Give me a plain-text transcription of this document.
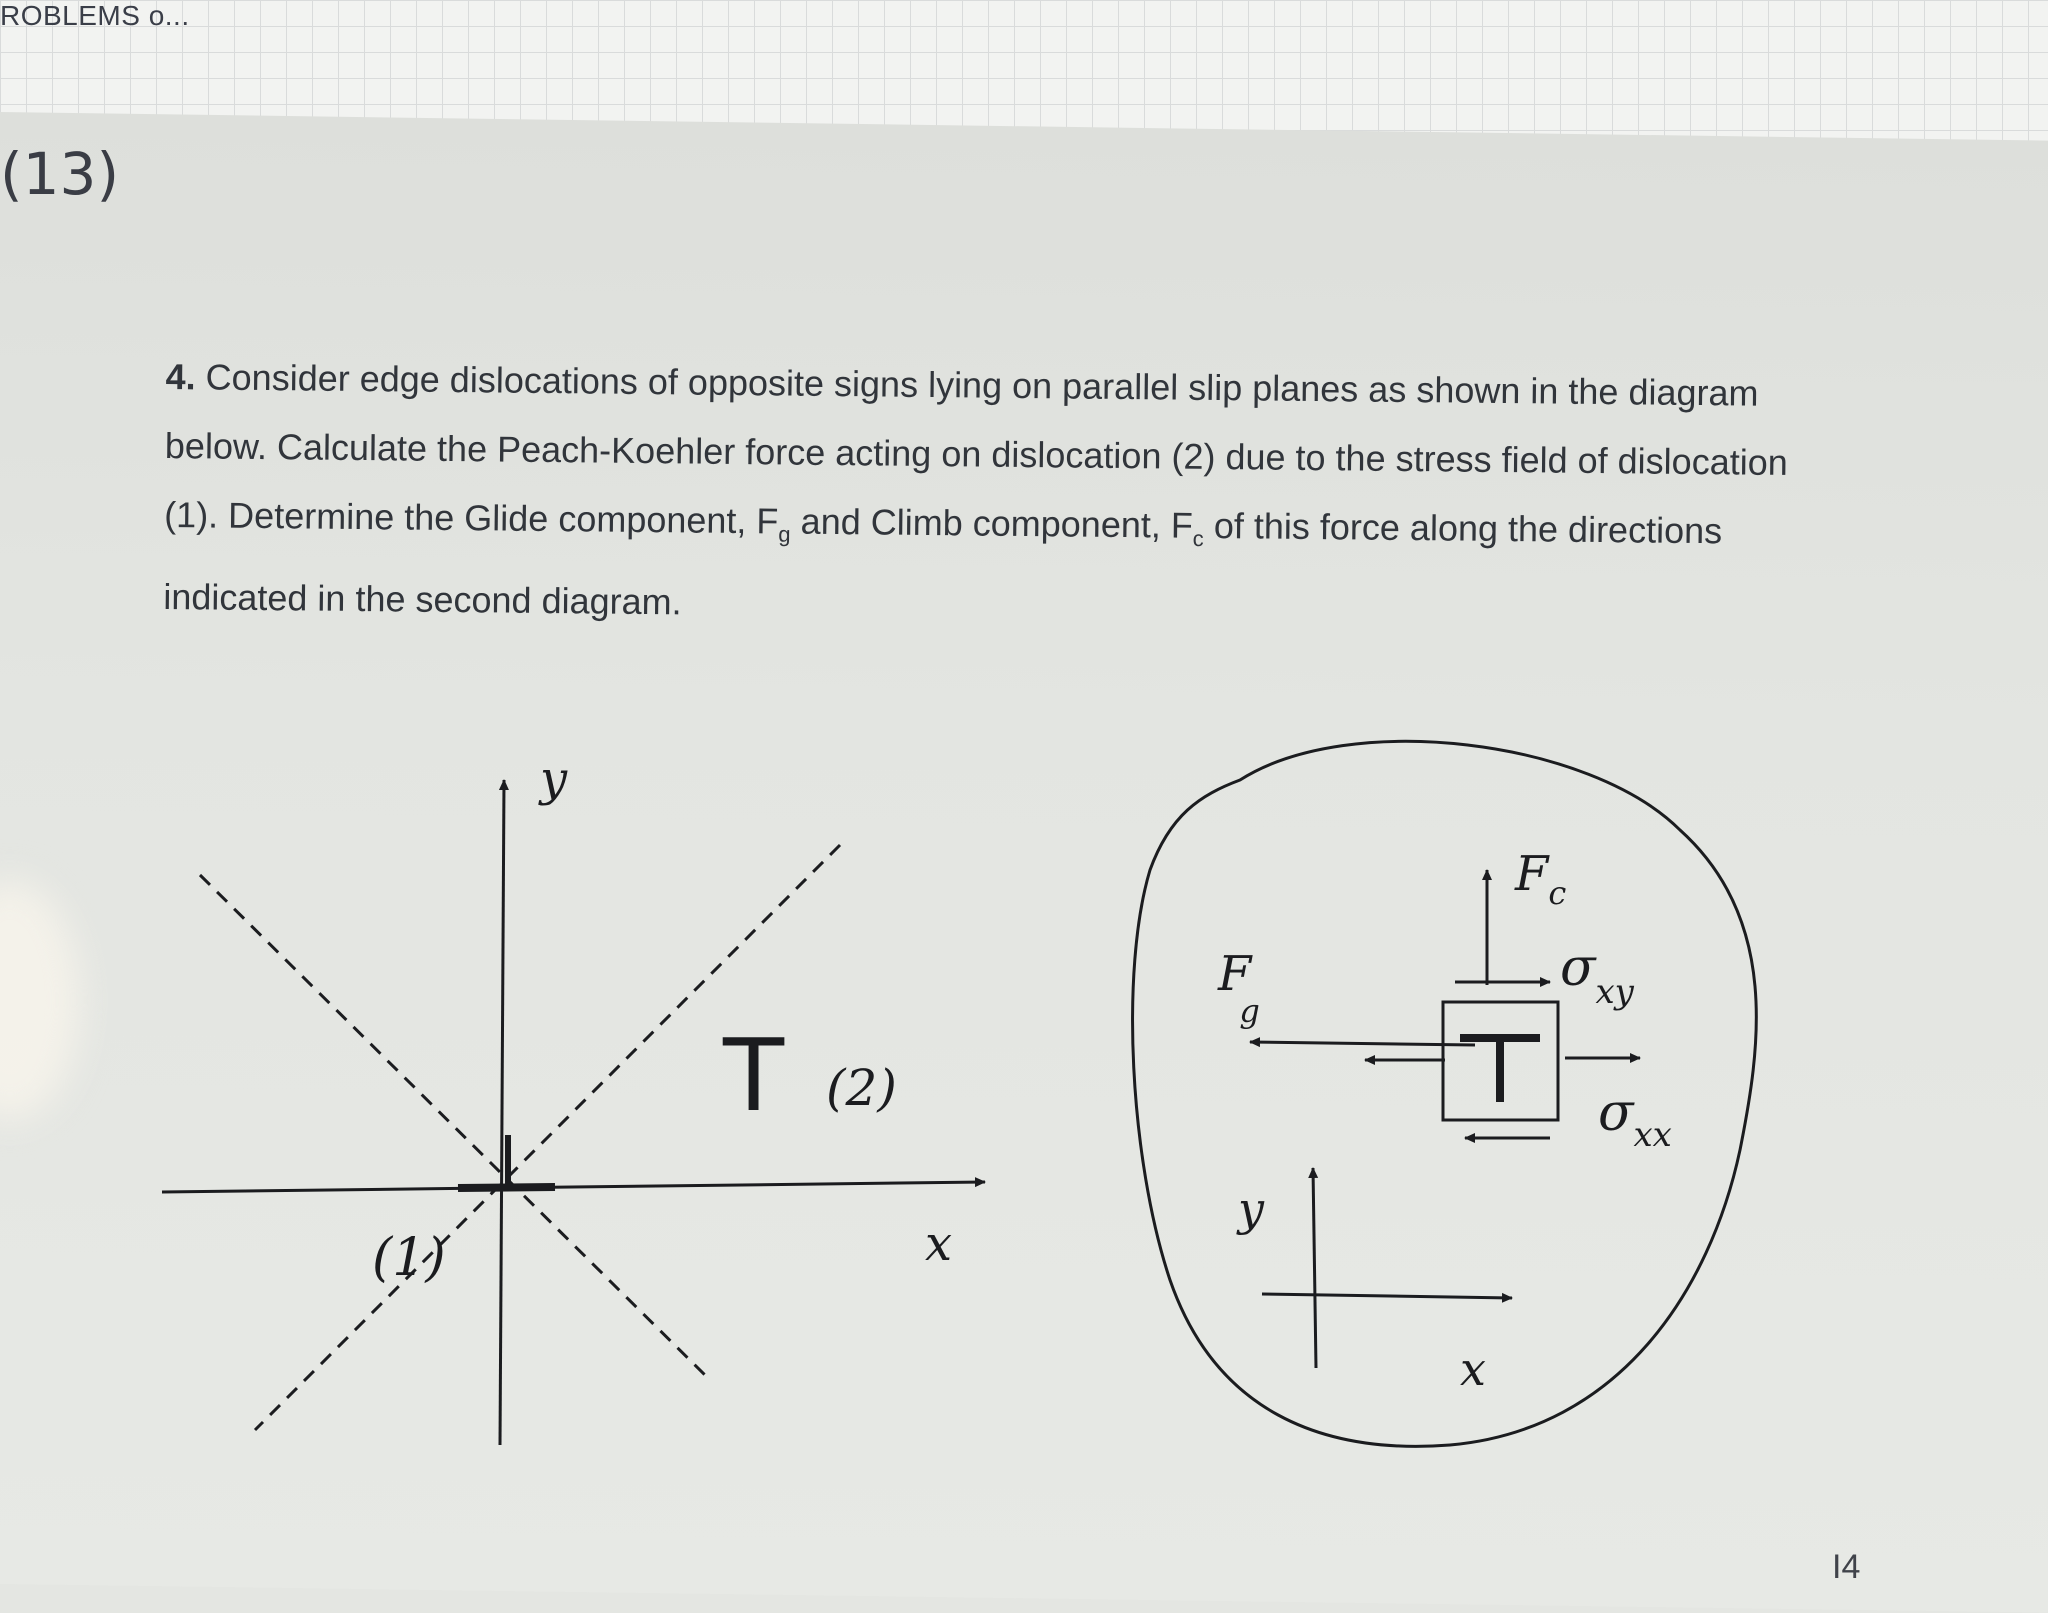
ROBLEMS o...
(13)
4. Consider edge dislocations of opposite signs lying on parallel slip planes as shown in the diagram below. Calculate the Peach-Koehler force acting on dislocation (2) due to the stress field of dislocation (1). Determine the Glide component, $F_g$ and Climb component, $F_c$ of this force along the directions indicated in the second diagram.
y
x
(1)
T (2)
$F_c$
F g
$\sigma_{xy}$
$\sigma_{xx}$
y
x
I4
